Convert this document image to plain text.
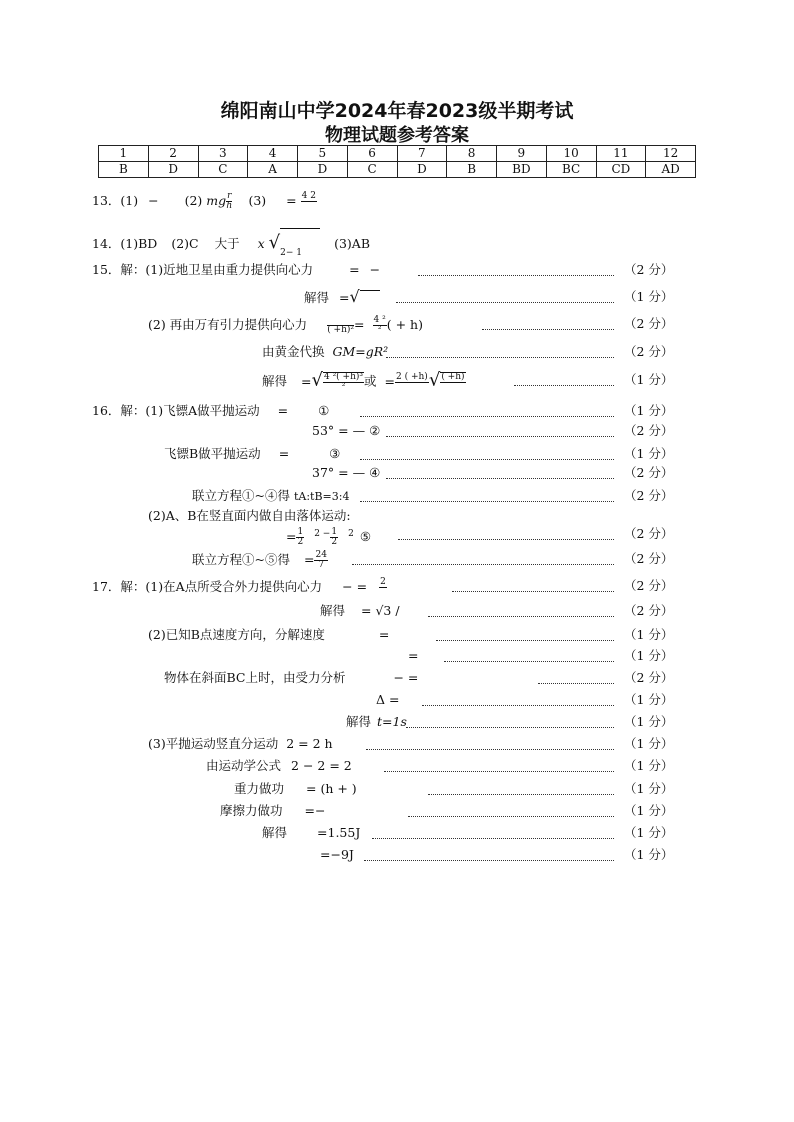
绵阳南山中学2024年春2023级半期考试
物理试题参考答案
1	2	3	4	5	6	7	8	9	10	11	12
B	D	C	A	D	C	D	B	BD	BC	CD	AD
13．(1) − (2) mg $\frac{r}{h} (3) = 4$ 2

14．(1)BD (2)C 大于 x √
2− 1 (3)AB
15．解：(1)近地卫星由重力提供向心力	= −	（2 分）
解得 =√	（1 分）
(2) 再由万有引力提供向心力
( $+h)^2 = \frac{\text{4 ²}}{\text{²}}$ ( + h)	（2 分）
由黄金代换 GM=gR²	（2 分）
解得 =√ $\frac{\text{4 ²( +h)³}}{\text{²}}$ 或 = 2 ( +h)
√ ( +h)
	（1 分）
16．解：(1)飞镖A做平抛运动 = ①	（1 分）
53° = — ②	（2 分）
飞镖B做平抛运动 =	③	（1 分）
37° = — ④	（2 分）
联立方程①~④得 tA:tB=3:4	（2 分）
(2)A、B在竖直面内做自由落体运动:
= $\frac{1}{2} ^{2 -} \frac{1}{2} ^2$ ⑤	（2 分）
联立方程①~⑤得 = $\frac{24}{7}$	（2 分）
17．解：(1)在A点所受合外力提供向心力 − = 2
	（2 分）
解得 = √3 /	（2 分）
(2)已知B点速度方向，分解速度	=	（1 分）
=	（1 分）
物体在斜面BC上时，由受力分析	− =	（2 分）
Δ =	（1 分）
解得 t=1s	（1 分）
(3)平抛运动竖直分运动 2 = 2 h	（1 分）
由运动学公式 2 − 2 = 2	（1 分）
重力做功 = (h + )	（1 分）
摩擦力做功 =−	（1 分）
解得 =1.55J	（1 分）
=−9J	（1 分）
